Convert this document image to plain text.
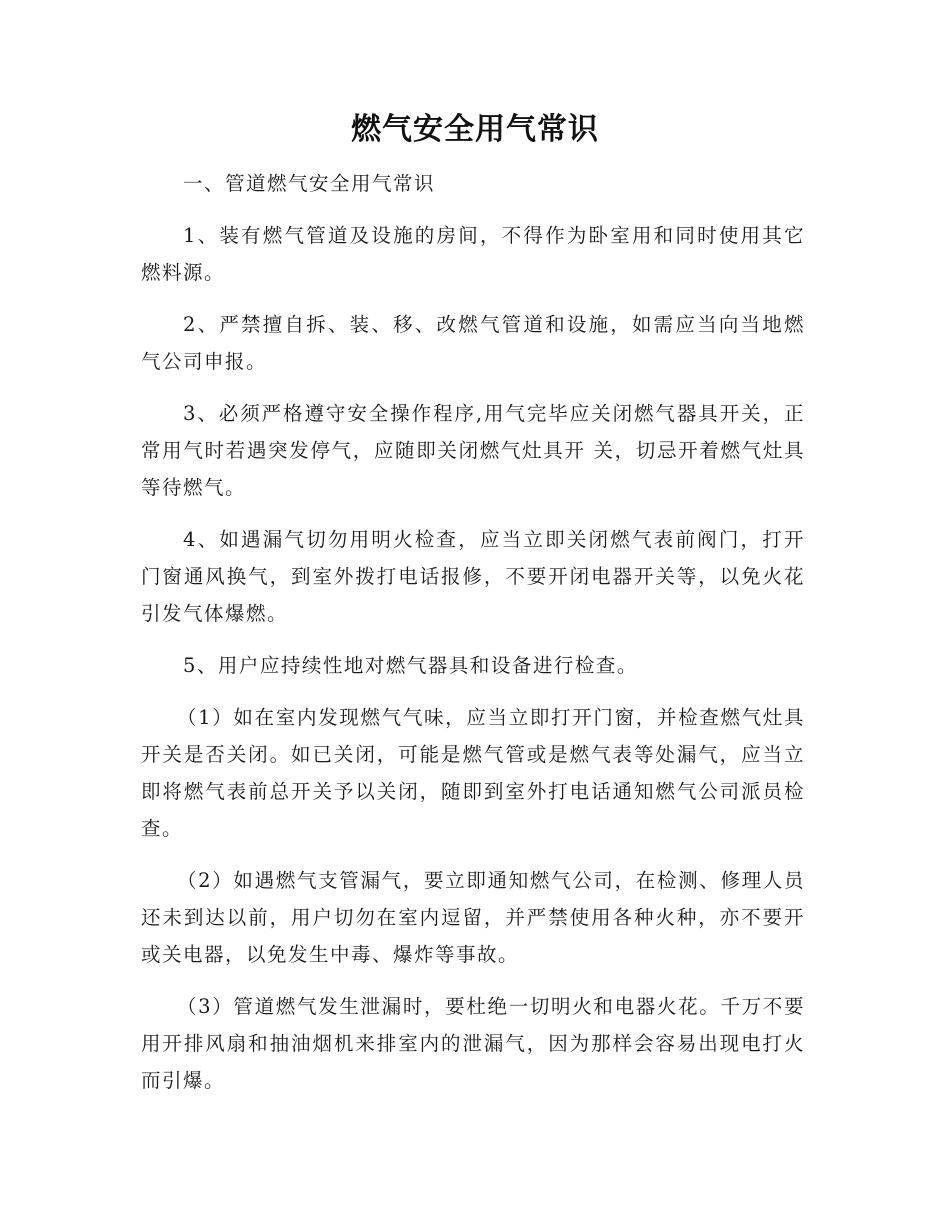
燃气安全用气常识

一、管道燃气安全用气常识

1、装有燃气管道及设施的房间，不得作为卧室用和同时使用其它燃料源。

2、严禁擅自拆、装、移、改燃气管道和设施，如需应当向当地燃气公司申报。

3、必须严格遵守安全操作程序,用气完毕应关闭燃气器具开关，正常用气时若遇突发停气，应随即关闭燃气灶具开 关，切忌开着燃气灶具等待燃气。

4、如遇漏气切勿用明火检查，应当立即关闭燃气表前阀门，打开门窗通风换气，到室外拨打电话报修，不要开闭电器开关等，以免火花引发气体爆燃。

5、用户应持续性地对燃气器具和设备进行检查。

（1）如在室内发现燃气气味，应当立即打开门窗，并检查燃气灶具开关是否关闭。如已关闭，可能是燃气管或是燃气表等处漏气，应当立即将燃气表前总开关予以关闭，随即到室外打电话通知燃气公司派员检查。

（2）如遇燃气支管漏气，要立即通知燃气公司，在检测、修理人员还未到达以前，用户切勿在室内逗留，并严禁使用各种火种，亦不要开或关电器，以免发生中毒、爆炸等事故。

（3）管道燃气发生泄漏时，要杜绝一切明火和电器火花。千万不要用开排风扇和抽油烟机来排室内的泄漏气，因为那样会容易出现电打火而引爆。
